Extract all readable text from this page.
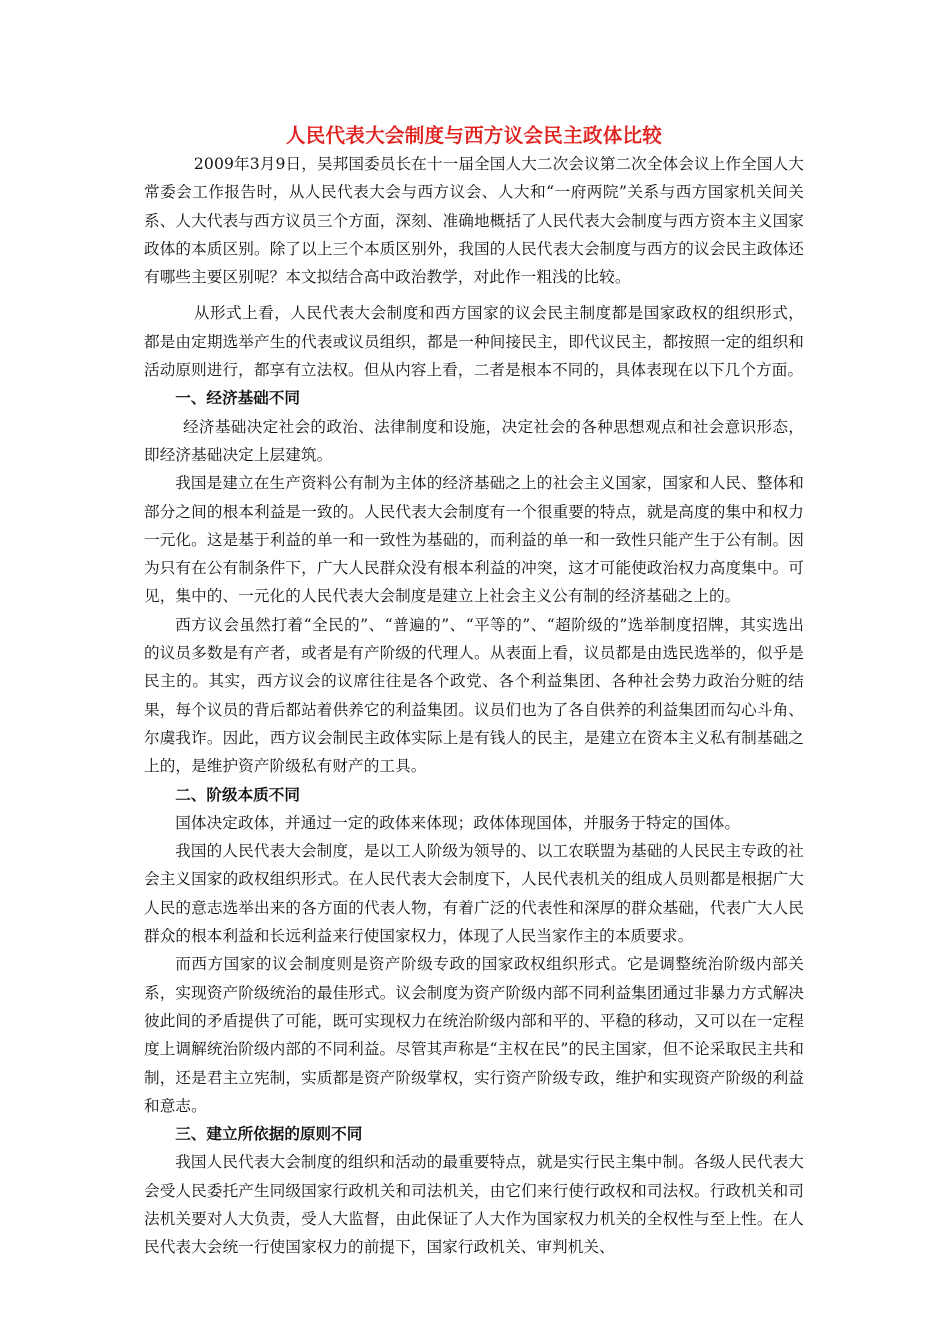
人民代表大会制度与西方议会民主政体比较

2009年3月9日，吴邦国委员长在十一届全国人大二次会议第二次全体会议上作全国人大常委会工作报告时，从人民代表大会与西方议会、人大和“一府两院”关系与西方国家机关间关系、人大代表与西方议员三个方面，深刻、准确地概括了人民代表大会制度与西方资本主义国家政体的本质区别。除了以上三个本质区别外，我国的人民代表大会制度与西方的议会民主政体还有哪些主要区别呢？本文拟结合高中政治教学，对此作一粗浅的比较。

从形式上看，人民代表大会制度和西方国家的议会民主制度都是国家政权的组织形式，都是由定期选举产生的代表或议员组织，都是一种间接民主，即代议民主，都按照一定的组织和活动原则进行，都享有立法权。但从内容上看，二者是根本不同的，具体表现在以下几个方面。

一、经济基础不同

经济基础决定社会的政治、法律制度和设施，决定社会的各种思想观点和社会意识形态，即经济基础决定上层建筑。

我国是建立在生产资料公有制为主体的经济基础之上的社会主义国家，国家和人民、整体和部分之间的根本利益是一致的。人民代表大会制度有一个很重要的特点，就是高度的集中和权力一元化。这是基于利益的单一和一致性为基础的，而利益的单一和一致性只能产生于公有制。因为只有在公有制条件下，广大人民群众没有根本利益的冲突，这才可能使政治权力高度集中。可见，集中的、一元化的人民代表大会制度是建立上社会主义公有制的经济基础之上的。

西方议会虽然打着“全民的”、“普遍的”、“平等的”、“超阶级的”选举制度招牌，其实选出的议员多数是有产者，或者是有产阶级的代理人。从表面上看，议员都是由选民选举的，似乎是民主的。其实，西方议会的议席往往是各个政党、各个利益集团、各种社会势力政治分赃的结果，每个议员的背后都站着供养它的利益集团。议员们也为了各自供养的利益集团而勾心斗角、尔虞我诈。因此，西方议会制民主政体实际上是有钱人的民主，是建立在资本主义私有制基础之上的，是维护资产阶级私有财产的工具。

二、阶级本质不同

国体决定政体，并通过一定的政体来体现；政体体现国体，并服务于特定的国体。

我国的人民代表大会制度，是以工人阶级为领导的、以工农联盟为基础的人民民主专政的社会主义国家的政权组织形式。在人民代表大会制度下，人民代表机关的组成人员则都是根据广大人民的意志选举出来的各方面的代表人物，有着广泛的代表性和深厚的群众基础，代表广大人民群众的根本利益和长远利益来行使国家权力，体现了人民当家作主的本质要求。

而西方国家的议会制度则是资产阶级专政的国家政权组织形式。它是调整统治阶级内部关系，实现资产阶级统治的最佳形式。议会制度为资产阶级内部不同利益集团通过非暴力方式解决彼此间的矛盾提供了可能，既可实现权力在统治阶级内部和平的、平稳的移动，又可以在一定程度上调解统治阶级内部的不同利益。尽管其声称是“主权在民”的民主国家，但不论采取民主共和制，还是君主立宪制，实质都是资产阶级掌权，实行资产阶级专政，维护和实现资产阶级的利益和意志。

三、建立所依据的原则不同

我国人民代表大会制度的组织和活动的最重要特点，就是实行民主集中制。各级人民代表大会受人民委托产生同级国家行政机关和司法机关，由它们来行使行政权和司法权。行政机关和司法机关要对人大负责，受人大监督，由此保证了人大作为国家权力机关的全权性与至上性。在人民代表大会统一行使国家权力的前提下，国家行政机关、审判机关、
